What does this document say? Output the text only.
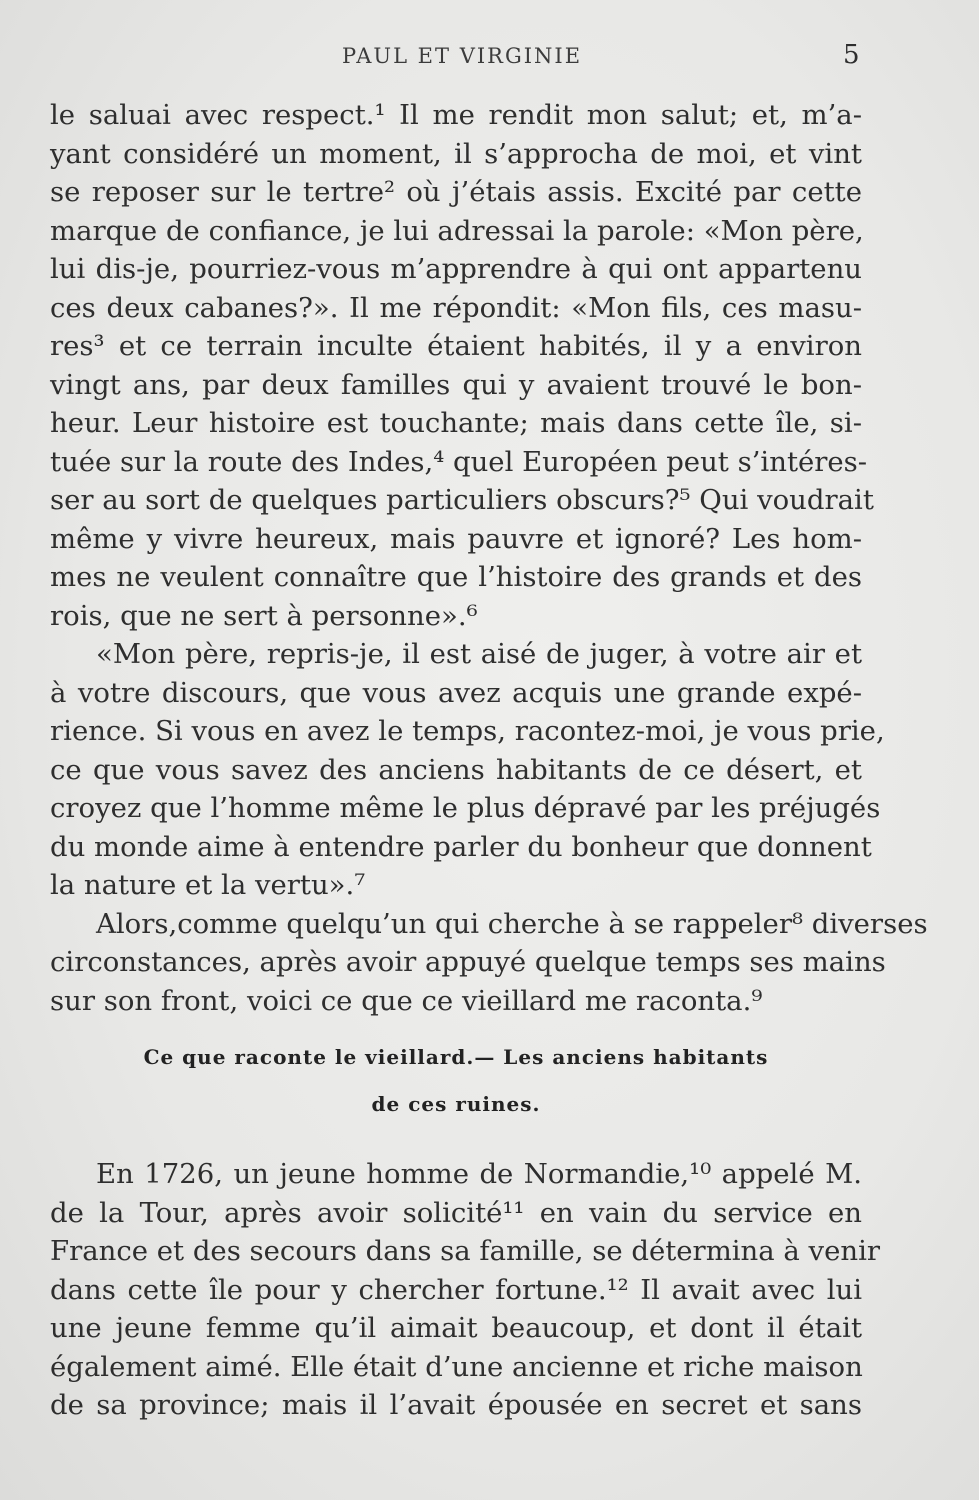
PAUL ET VIRGINIE	5
le saluai avec respect.¹ Il me rendit mon salut; et, m’a-
yant considéré un moment, il s’approcha de moi, et vint
se reposer sur le tertre² où j’étais assis. Excité par cette
marque de confiance, je lui adressai la parole: «Mon père,
lui dis-je, pourriez-vous m’apprendre à qui ont appartenu
ces deux cabanes?». Il me répondit: «Mon fils, ces masu-
res³ et ce terrain inculte étaient habités, il y a environ
vingt ans, par deux familles qui y avaient trouvé le bon-
heur. Leur histoire est touchante; mais dans cette île, si-
tuée sur la route des Indes,⁴ quel Européen peut s’intéres-
ser au sort de quelques particuliers obscurs?⁵ Qui voudrait
même y vivre heureux, mais pauvre et ignoré? Les hom-
mes ne veulent connaître que l’histoire des grands et des
rois, que ne sert à personne».⁶
«Mon père, repris-je, il est aisé de juger, à votre air et
à votre discours, que vous avez acquis une grande expé-
rience. Si vous en avez le temps, racontez-moi, je vous prie,
ce que vous savez des anciens habitants de ce désert, et
croyez que l’homme même le plus dépravé par les préjugés
du monde aime à entendre parler du bonheur que donnent
la nature et la vertu».⁷
Alors,comme quelqu’un qui cherche à se rappeler⁸ diverses
circonstances, après avoir appuyé quelque temps ses mains
sur son front, voici ce que ce vieillard me raconta.⁹
Ce que raconte le vieillard.— Les anciens habitants
de ces ruines.
En 1726, un jeune homme de Normandie,¹⁰ appelé M.
de la Tour, après avoir solicité¹¹ en vain du service en
France et des secours dans sa famille, se détermina à venir
dans cette île pour y chercher fortune.¹² Il avait avec lui
une jeune femme qu’il aimait beaucoup, et dont il était
également aimé. Elle était d’une ancienne et riche maison
de sa province; mais il l’avait épousée en secret et sans
